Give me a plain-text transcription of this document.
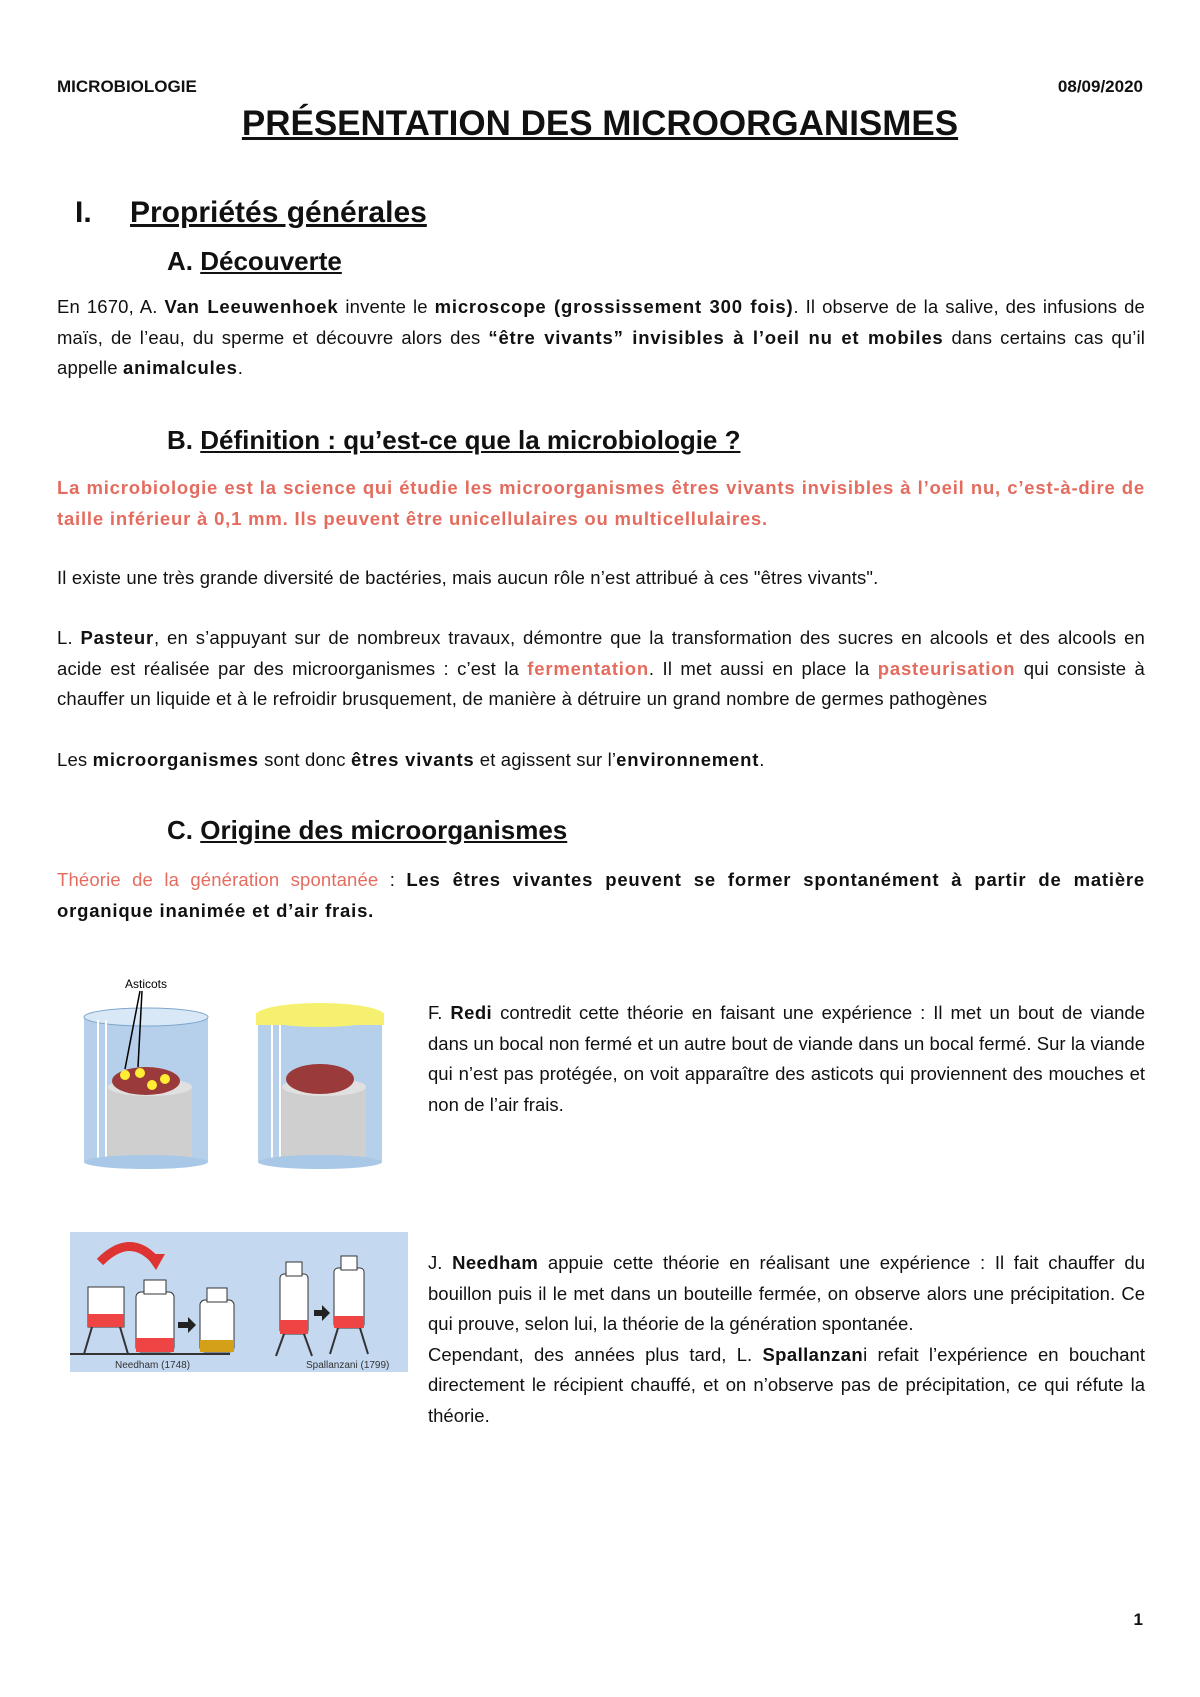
MICROBIOLOGIE	08/09/2020
PRÉSENTATION DES MICROORGANISMES
I. Propriétés générales
A. Découverte
En 1670, A. Van Leeuwenhoek invente le microscope (grossissement 300 fois). Il observe de la salive, des infusions de maïs, de l’eau, du sperme et découvre alors des “être vivants” invisibles à l’oeil nu et mobiles dans certains cas qu’il appelle animalcules.
B. Définition : qu’est-ce que la microbiologie ?
La microbiologie est la science qui étudie les microorganismes êtres vivants invisibles à l’oeil nu, c’est-à-dire de taille inférieur à 0,1 mm. Ils peuvent être unicellulaires ou multicellulaires.
Il existe une très grande diversité de bactéries, mais aucun rôle n’est attribué à ces "êtres vivants".
L. Pasteur, en s’appuyant sur de nombreux travaux, démontre que la transformation des sucres en alcools et des alcools en acide est réalisée par des microorganismes : c’est la fermentation. Il met aussi en place la pasteurisation qui consiste à chauffer un liquide et à le refroidir brusquement, de manière à détruire un grand nombre de germes pathogènes
Les microorganismes sont donc êtres vivants et agissent sur l’environnement.
C. Origine des microorganismes
Théorie de la génération spontanée : Les êtres vivantes peuvent se former spontanément à partir de matière organique inanimée et d’air frais.
Asticots
F. Redi contredit cette théorie en faisant une expérience : Il met un bout de viande dans un bocal non fermé et un autre bout de viande dans un bocal fermé. Sur la viande qui n’est pas protégée, on voit apparaître des asticots qui proviennent des mouches et non de l’air frais.
Needham (1748)	Spallanzani (1799)
J. Needham appuie cette théorie en réalisant une expérience : Il fait chauffer du bouillon puis il le met dans un bouteille fermée, on observe alors une précipitation. Ce qui prouve, selon lui, la théorie de la génération spontanée.
Cependant, des années plus tard, L. Spallanzani refait l’expérience en bouchant directement le récipient chauffé, et on n’observe pas de précipitation, ce qui réfute la théorie.
1
